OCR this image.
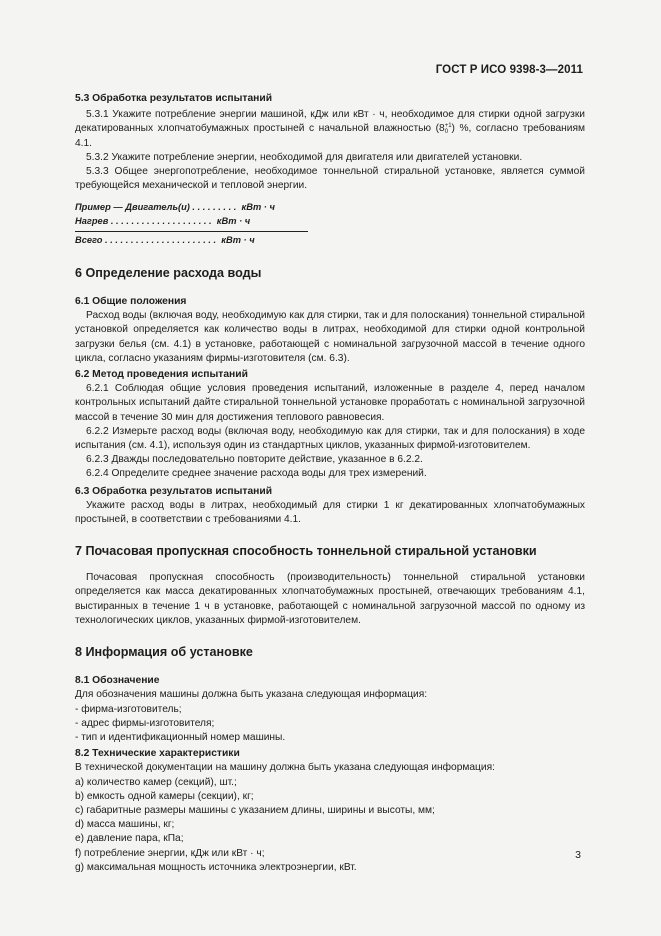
ГОСТ Р ИСО 9398-3—2011

5.3 Обработка результатов испытаний

5.3.1 Укажите потребление энергии машиной, кДж или кВт · ч, необходимое для стирки одной загрузки декатированных хлопчатобумажных простыней с начальной влажностью (8 +1
0 ) %, согласно требованиям 4.1.

5.3.2 Укажите потребление энергии, необходимой для двигателя или двигателей установки.

5.3.3 Общее энергопотребление, необходимое тоннельной стиральной установке, является суммой требующейся механической и тепловой энергии.

Пример — Двигатель(и) . . . . . . . . .  кВт · ч

Нагрев . . . . . . . . . . . . . . . . . . . .  кВт · ч

Всего . . . . . . . . . . . . . . . . . . . . . .  кВт · ч

6 Определение расхода воды

6.1 Общие положения

Расход воды (включая воду, необходимую как для стирки, так и для полоскания) тоннельной стиральной установкой определяется как количество воды в литрах, необходимой для стирки одной контрольной загрузки белья (см. 4.1) в установке, работающей с номинальной загрузочной массой в течение одного цикла, согласно указаниям фирмы-изготовителя (см. 6.3).

6.2 Метод проведения испытаний

6.2.1 Соблюдая общие условия проведения испытаний, изложенные в разделе 4, перед началом контрольных испытаний дайте стиральной тоннельной установке проработать с номинальной загрузочной массой в течение 30 мин для достижения теплового равновесия.

6.2.2 Измерьте расход воды (включая воду, необходимую как для стирки, так и для полоскания) в ходе испытания (см. 4.1), используя один из стандартных циклов, указанных фирмой-изготовителем.

6.2.3 Дважды последовательно повторите действие, указанное в 6.2.2.

6.2.4 Определите среднее значение расхода воды для трех измерений.

6.3 Обработка результатов испытаний

Укажите расход воды в литрах, необходимый для стирки 1 кг декатированных хлопчатобумажных простыней, в соответствии с требованиями 4.1.

7 Почасовая пропускная способность тоннельной стиральной установки

Почасовая пропускная способность (производительность) тоннельной стиральной установки определяется как масса декатированных хлопчатобумажных простыней, отвечающих требованиям 4.1, выстиранных в течение 1 ч в установке, работающей с номинальной загрузочной массой по одному из технологических циклов, указанных фирмой-изготовителем.

8 Информация об установке

8.1 Обозначение

Для обозначения машины должна быть указана следующая информация:

- фирма-изготовитель;

- адрес фирмы-изготовителя;

- тип и идентификационный номер машины.

8.2 Технические характеристики

В технической документации на машину должна быть указана следующая информация:

a) количество камер (секций), шт.;

b) емкость одной камеры (секции), кг;

c) габаритные размеры машины с указанием длины, ширины и высоты, мм;

d) масса машины, кг;

e) давление пара, кПа;

f) потребление энергии, кДж или кВт · ч;

g) максимальная мощность источника электроэнергии, кВт.

3
